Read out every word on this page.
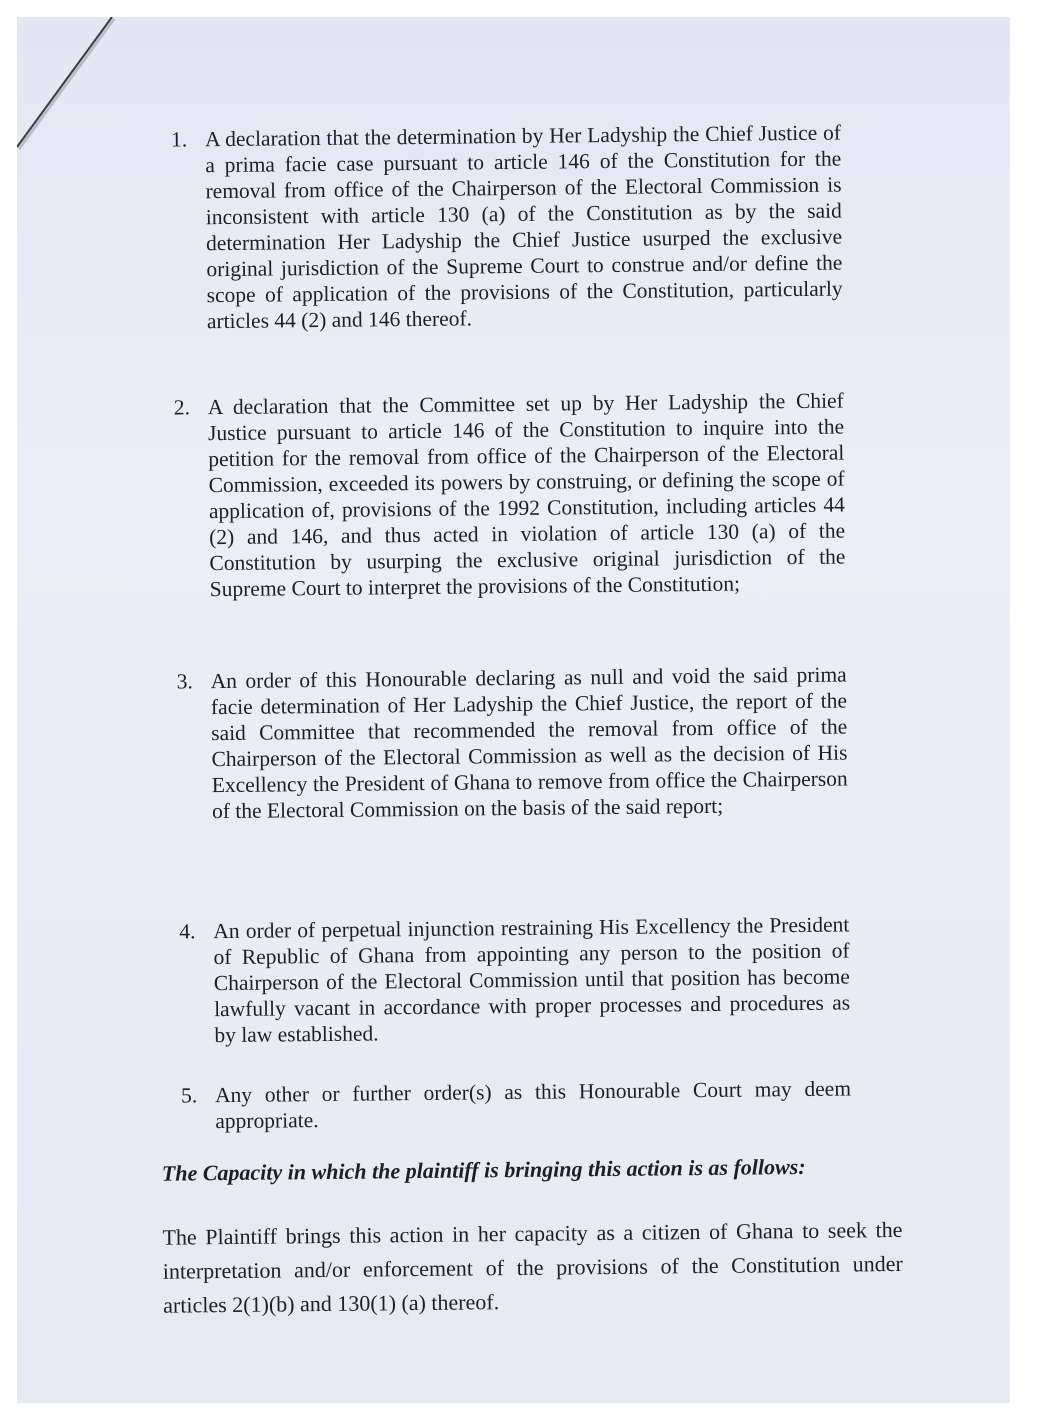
1. A declaration that the determination by Her Ladyship the Chief Justice of a prima facie case pursuant to article 146 of the Constitution for the removal from office of the Chairperson of the Electoral Commission is inconsistent with article 130 (a) of the Constitution as by the said determination Her Ladyship the Chief Justice usurped the exclusive original jurisdiction of the Supreme Court to construe and/or define the scope of application of the provisions of the Constitution, particularly articles 44 (2) and 146 thereof.
2. A declaration that the Committee set up by Her Ladyship the Chief Justice pursuant to article 146 of the Constitution to inquire into the petition for the removal from office of the Chairperson of the Electoral Commission, exceeded its powers by construing, or defining the scope of application of, provisions of the 1992 Constitution, including articles 44 (2) and 146, and thus acted in violation of article 130 (a) of the Constitution by usurping the exclusive original jurisdiction of the Supreme Court to interpret the provisions of the Constitution;
3. An order of this Honourable declaring as null and void the said prima facie determination of Her Ladyship the Chief Justice, the report of the said Committee that recommended the removal from office of the Chairperson of the Electoral Commission as well as the decision of His Excellency the President of Ghana to remove from office the Chairperson of the Electoral Commission on the basis of the said report;
4. An order of perpetual injunction restraining His Excellency the President of Republic of Ghana from appointing any person to the position of Chairperson of the Electoral Commission until that position has become lawfully vacant in accordance with proper processes and procedures as by law established.
5. Any other or further order(s) as this Honourable Court may deem appropriate.
The Capacity in which the plaintiff is bringing this action is as follows:
The Plaintiff brings this action in her capacity as a citizen of Ghana to seek the interpretation and/or enforcement of the provisions of the Constitution under articles 2(1)(b) and 130(1) (a) thereof.
